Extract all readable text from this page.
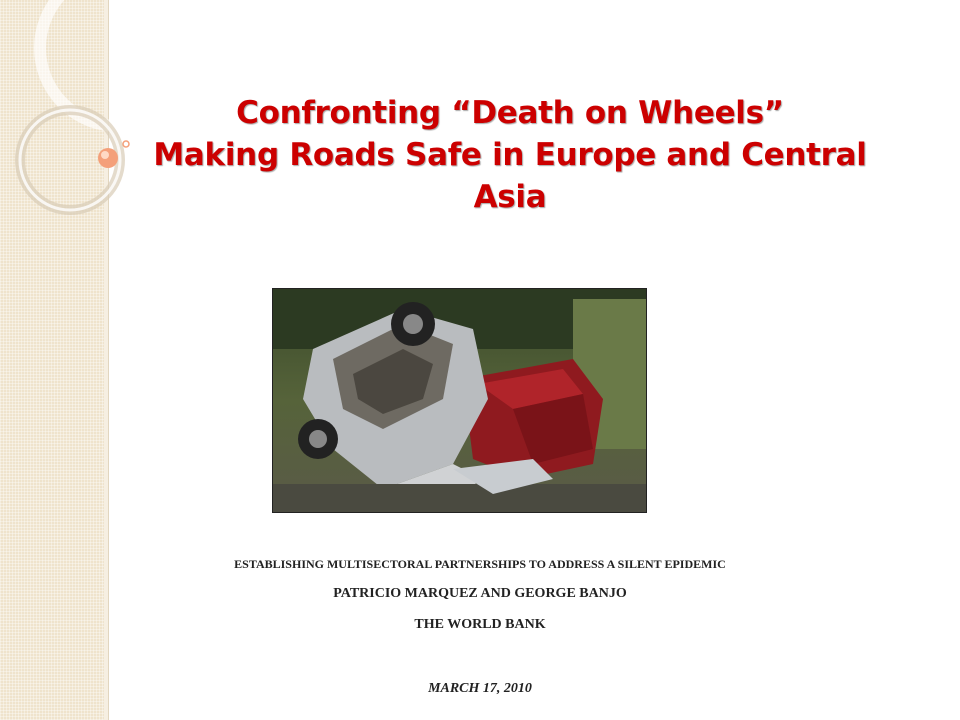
Confronting “Death on Wheels”
Making Roads Safe in Europe and Central
Asia
ESTABLISHING MULTISECTORAL PARTNERSHIPS TO ADDRESS A SILENT EPIDEMIC
PATRICIO MARQUEZ AND GEORGE BANJO
THE WORLD BANK
MARCH 17, 2010
